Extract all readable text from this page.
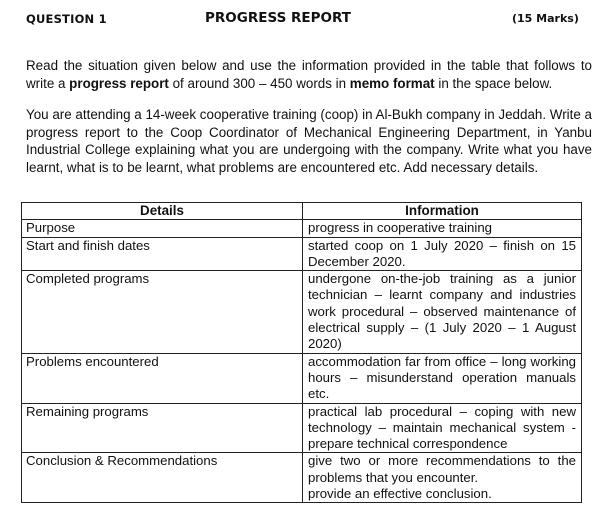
QUESTION 1	PROGRESS REPORT	(15 Marks)
Read the situation given below and use the information provided in the table that follows to write a progress report of around 300 – 450 words in memo format in the space below.
You are attending a 14-week cooperative training (coop) in Al-Bukh company in Jeddah. Write a progress report to the Coop Coordinator of Mechanical Engineering Department, in Yanbu Industrial College explaining what you are undergoing with the company. Write what you have learnt, what is to be learnt, what problems are encountered etc. Add necessary details.
Details	Information
Purpose	progress in cooperative training
Start and finish dates	started coop on 1 July 2020 – finish on 15 December 2020.
Completed programs	undergone on-the-job training as a junior technician – learnt company and industries work procedural – observed maintenance of electrical supply – (1 July 2020 – 1 August 2020)
Problems encountered	accommodation far from office – long working hours – misunderstand operation manuals etc.
Remaining programs	practical lab procedural – coping with new technology – maintain mechanical system - prepare technical correspondence
Conclusion & Recommendations	give two or more recommendations to the problems that you encounter.
provide an effective conclusion.
